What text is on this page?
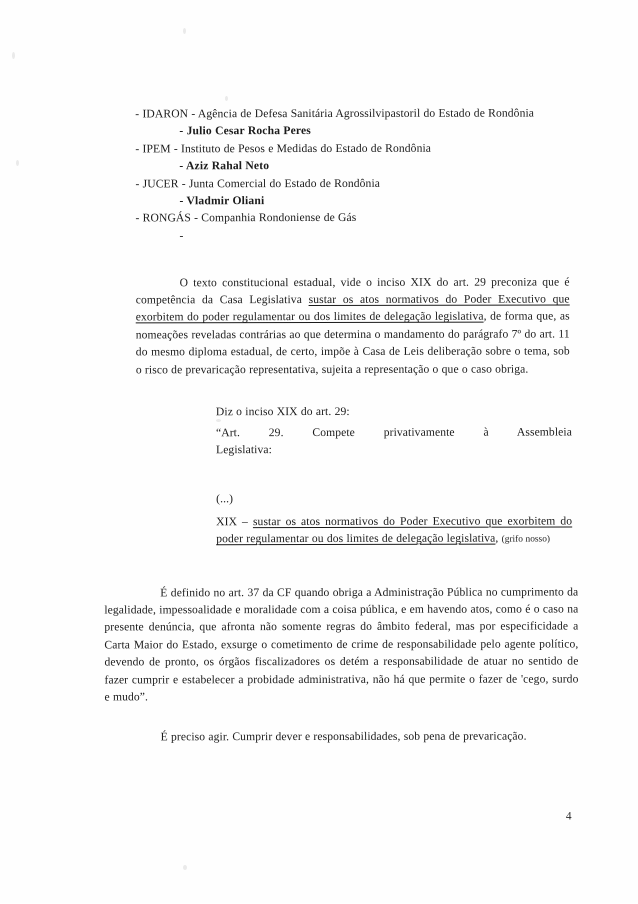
- IDARON - Agência de Defesa Sanitária Agrossilvipastoril do Estado de Rondônia
- Julio Cesar Rocha Peres
- IPEM - Instituto de Pesos e Medidas do Estado de Rondônia
- Aziz Rahal Neto
- JUCER - Junta Comercial do Estado de Rondônia
- Vladmir Oliani
- RONGÁS - Companhia Rondoniense de Gás
-

O texto constitucional estadual, vide o inciso XIX do art. 29 preconiza que é competência da Casa Legislativa sustar os atos normativos do Poder Executivo que exorbitem do poder regulamentar ou dos limites de delegação legislativa, de forma que, as nomeações reveladas contrárias ao que determina o mandamento do parágrafo 7º do art. 11 do mesmo diploma estadual, de certo, impõe à Casa de Leis deliberação sobre o tema, sob o risco de prevaricação representativa, sujeita a representação o que o caso obriga.

Diz o inciso XIX do art. 29:

“Art. 29. Compete privativamente à Assembleia
Legislativa:

(...)

XIX – sustar os atos normativos do Poder Executivo que exorbitem do poder regulamentar ou dos limites de delegação legislativa, (grifo nosso)

É definido no art. 37 da CF quando obriga a Administração Pública no cumprimento da legalidade, impessoalidade e moralidade com a coisa pública, e em havendo atos, como é o caso na presente denúncia, que afronta não somente regras do âmbito federal, mas por especificidade a Carta Maior do Estado, exsurge o cometimento de crime de responsabilidade pelo agente político, devendo de pronto, os órgãos fiscalizadores os detém a responsabilidade de atuar no sentido de fazer cumprir e estabelecer a probidade administrativa, não há que permite o fazer de 'cego, surdo e mudo”.

É preciso agir. Cumprir dever e responsabilidades, sob pena de prevaricação.

4
